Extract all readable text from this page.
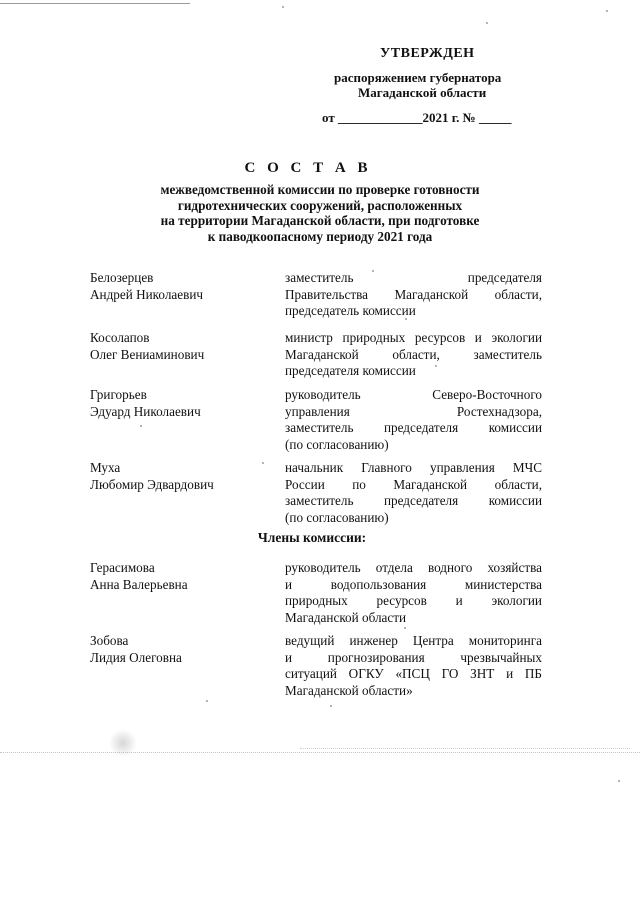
УТВЕРЖДЕН
распоряжением губернатора
Магаданской области
от _____________2021 г. № _____
С О С Т А В
межведомственной комиссии по проверке готовности
гидротехнических сооружений, расположенных
на территории Магаданской области, при подготовке
к паводкоопасному периоду 2021 года
Белозерцев
Андрей Николаевич
заместитель председателя
Правительства Магаданской области,
председатель комиссии
Косолапов
Олег Вениаминович
министр природных ресурсов и экологии
Магаданской области, заместитель
председателя комиссии
Григорьев
Эдуард Николаевич
руководитель Северо-Восточного
управления Ростехнадзора,
заместитель председателя комиссии
(по согласованию)
Муха
Любомир Эдвардович
начальник Главного управления МЧС
России по Магаданской области,
заместитель председателя комиссии
(по согласованию)
Члены комиссии:
Герасимова
Анна Валерьевна
руководитель отдела водного хозяйства
и водопользования министерства
природных ресурсов и экологии
Магаданской области
Зобова
Лидия Олеговна
ведущий инженер Центра мониторинга
и прогнозирования чрезвычайных
ситуаций ОГКУ «ПСЦ ГО ЗНТ и ПБ
Магаданской области»
